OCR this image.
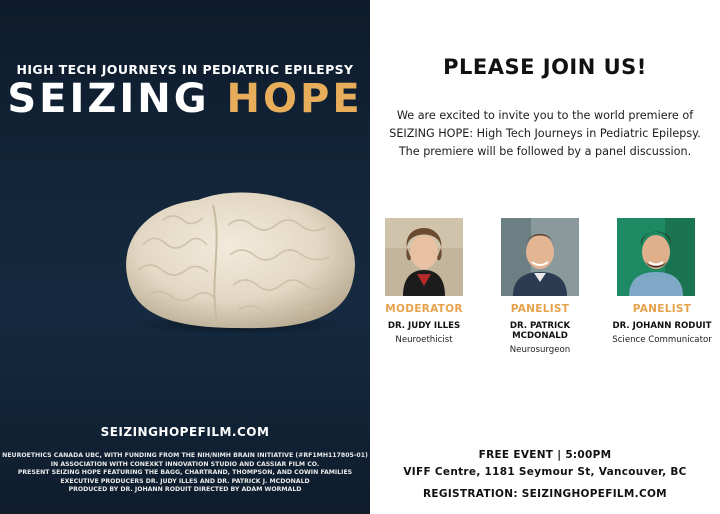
HIGH TECH JOURNEYS IN PEDIATRIC EPILEPSY
SEIZING HOPE
SEIZINGHOPEFILM.COM
NEUROETHICS CANADA UBC, WITH FUNDING FROM THE NIH/NIMH BRAIN INITIATIVE (#RF1MH117805-01)
IN ASSOCIATION WITH CONEXKT INNOVATION STUDIO AND CASSIAR FILM CO.
PRESENT SEIZING HOPE FEATURING THE BAGG, CHARTRAND, THOMPSON, AND COWIN FAMILIES
EXECUTIVE PRODUCERS DR. JUDY ILLES AND DR. PATRICK J. MCDONALD
PRODUCED BY DR. JOHANN RODUIT DIRECTED BY ADAM WORMALD
PLEASE JOIN US!
We are excited to invite you to the world premiere of
SEIZING HOPE: High Tech Journeys in Pediatric Epilepsy.
The premiere will be followed by a panel discussion.
MODERATOR
DR. JUDY ILLES
Neuroethicist
PANELIST
DR. PATRICK MCDONALD
Neurosurgeon
PANELIST
DR. JOHANN RODUIT
Science Communicator
FREE EVENT | 5:00PM
VIFF Centre, 1181 Seymour St, Vancouver, BC
REGISTRATION: SEIZINGHOPEFILM.COM
